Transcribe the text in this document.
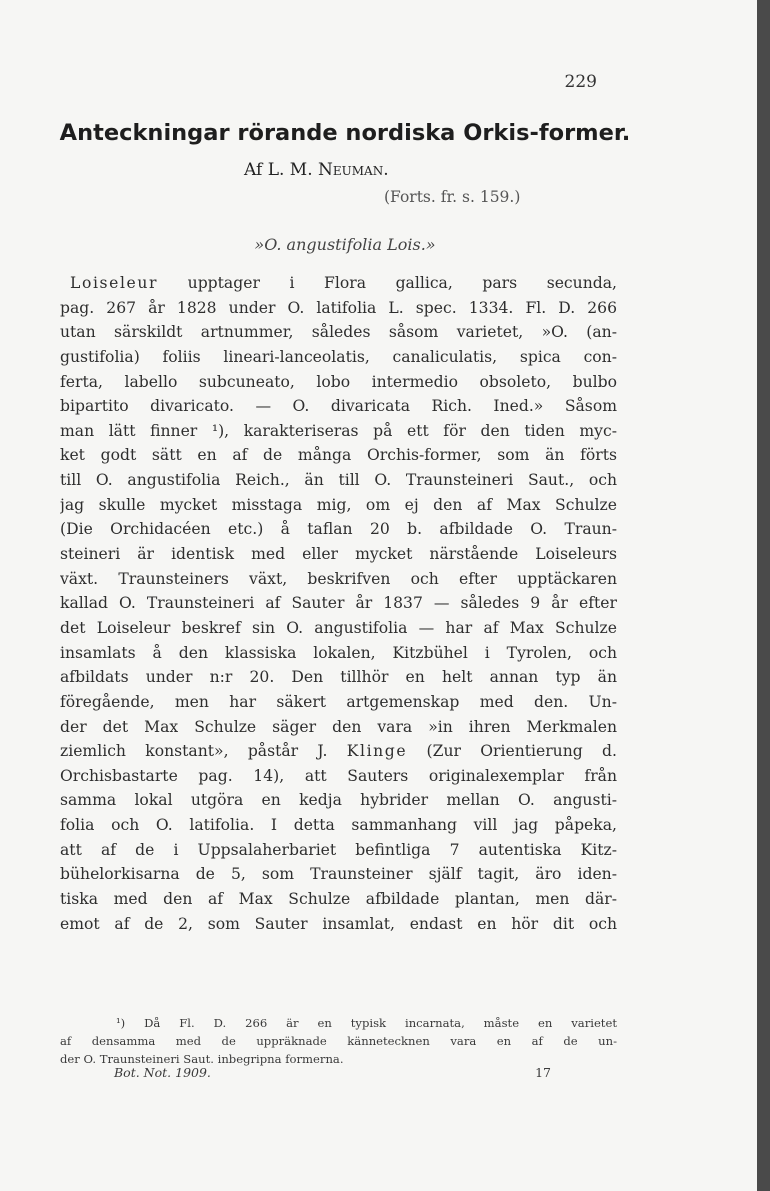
229
Anteckningar rörande nordiska Orkis-former.
Af L. M. Neuman.
(Forts. fr. s. 159.)
»O. angustifolia Lois.»
Loiseleur upptager i Flora gallica, pars secunda,
pag. 267 år 1828 under O. latifolia L. spec. 1334. Fl. D. 266
utan särskildt artnummer, således såsom varietet, »O. (an-
gustifolia) foliis lineari-lanceolatis, canaliculatis, spica con-
ferta, labello subcuneato, lobo intermedio obsoleto, bulbo
bipartito divaricato. — O. divaricata Rich. Ined.» Såsom
man lätt finner ¹), karakteriseras på ett för den tiden myc-
ket godt sätt en af de många Orchis-former, som än förts
till O. angustifolia Reich., än till O. Traunsteineri Saut., och
jag skulle mycket misstaga mig, om ej den af Max Schulze
(Die Orchidacéen etc.) å taflan 20 b. afbildade O. Traun-
steineri är identisk med eller mycket närstående Loiseleurs
växt. Traunsteiners växt, beskrifven och efter upptäckaren
kallad O. Traunsteineri af Sauter år 1837 — således 9 år efter
det Loiseleur beskref sin O. angustifolia — har af Max Schulze
insamlats å den klassiska lokalen, Kitzbühel i Tyrolen, och
afbildats under n:r 20. Den tillhör en helt annan typ än
föregående, men har säkert artgemenskap med den. Un-
der det Max Schulze säger den vara »in ihren Merkmalen
ziemlich konstant», påstår J. Klinge (Zur Orientierung d.
Orchisbastarte pag. 14), att Sauters originalexemplar från
samma lokal utgöra en kedja hybrider mellan O. angusti-
folia och O. latifolia. I detta sammanhang vill jag påpeka,
att af de i Uppsalaherbariet befintliga 7 autentiska Kitz-
bühelorkisarna de 5, som Traunsteiner själf tagit, äro iden-
tiska med den af Max Schulze afbildade plantan, men där-
emot af de 2, som Sauter insamlat, endast en hör dit och
¹) Då Fl. D. 266 är en typisk incarnata, måste en varietet
af densamma med de uppräknade kännetecknen vara en af de un-
der O. Traunsteineri Saut. inbegripna formerna.
Bot. Not. 1909.	17
